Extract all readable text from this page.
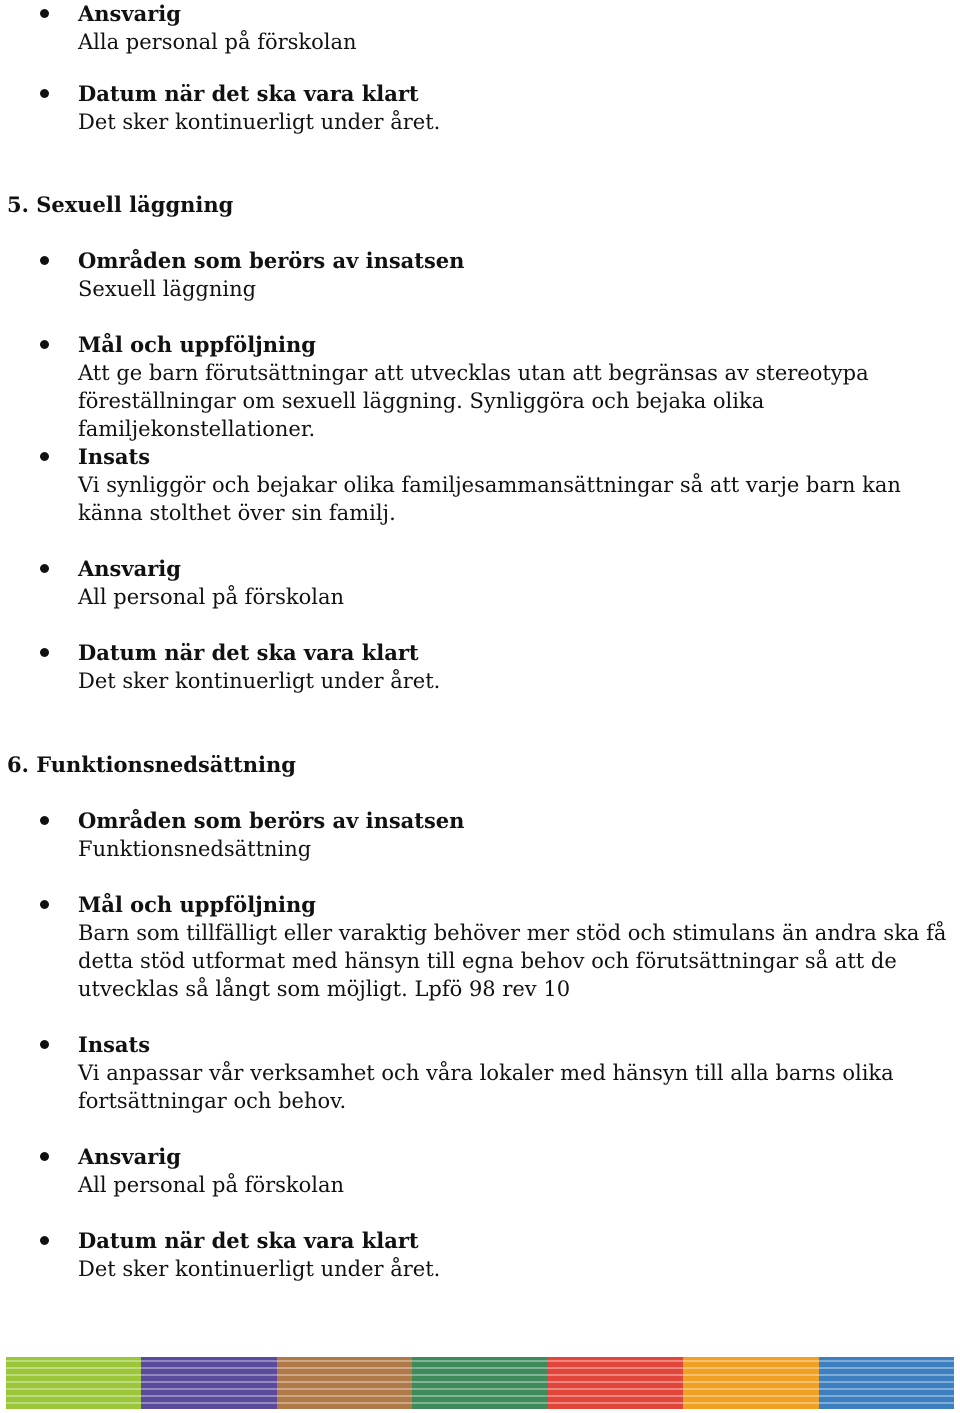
Ansvarig
Alla personal på förskolan
Datum när det ska vara klart
Det sker kontinuerligt under året.
5. Sexuell läggning
Områden som berörs av insatsen
Sexuell läggning
Mål och uppföljning
Att ge barn förutsättningar att utvecklas utan att begränsas av stereotypa föreställningar om sexuell läggning. Synliggöra och bejaka olika familjekonstellationer.
Insats
Vi synliggör och bejakar olika familjesammansättningar så att varje barn kan känna stolthet över sin familj.
Ansvarig
All personal på förskolan
Datum när det ska vara klart
Det sker kontinuerligt under året.
6. Funktionsnedsättning
Områden som berörs av insatsen
Funktionsnedsättning
Mål och uppföljning
Barn som tillfälligt eller varaktig behöver mer stöd och stimulans än andra ska få detta stöd utformat med hänsyn till egna behov och förutsättningar så att de utvecklas så långt som möjligt. Lpfö 98 rev 10
Insats
Vi anpassar vår verksamhet och våra lokaler med hänsyn till alla barns olika fortsättningar och behov.
Ansvarig
All personal på förskolan
Datum när det ska vara klart
Det sker kontinuerligt under året.
